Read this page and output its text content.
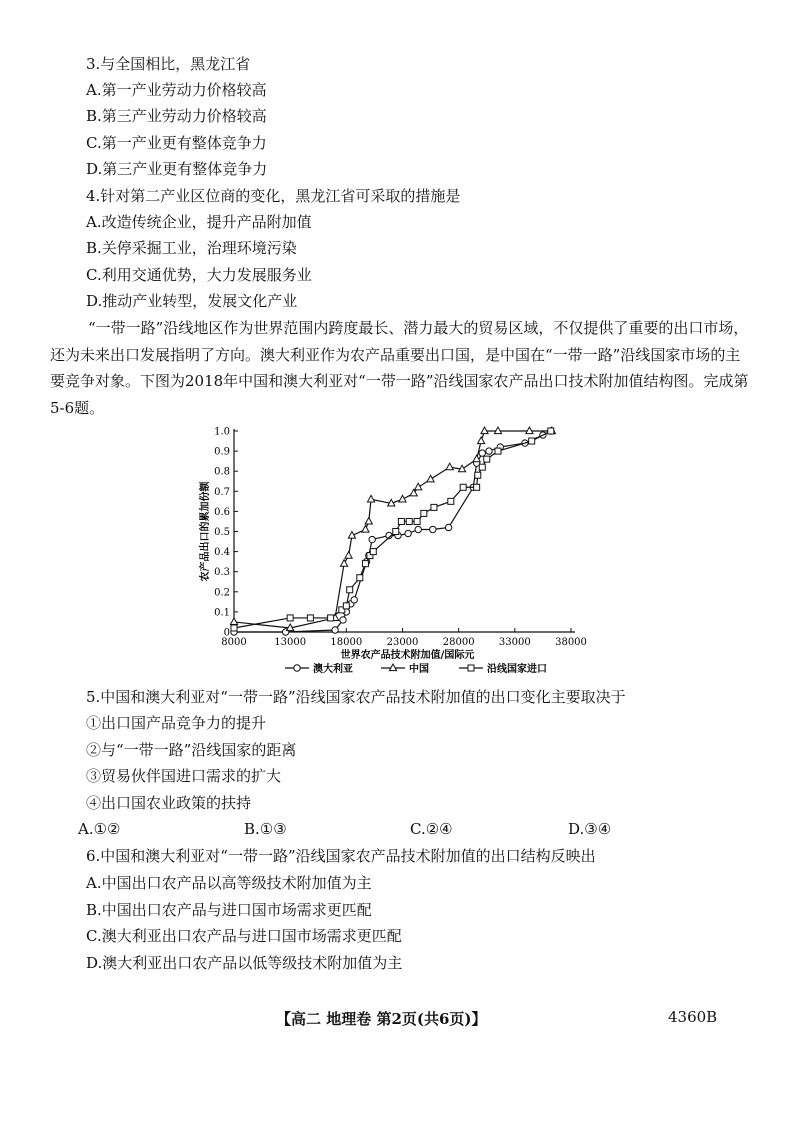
3.与全国相比，黑龙江省
A.第一产业劳动力价格较高
B.第三产业劳动力价格较高
C.第一产业更有整体竞争力
D.第三产业更有整体竞争力
4.针对第二产业区位商的变化，黑龙江省可采取的措施是
A.改造传统企业，提升产品附加值
B.关停采掘工业，治理环境污染
C.利用交通优势，大力发展服务业
D.推动产业转型，发展文化产业
“一带一路”沿线地区作为世界范围内跨度最长、潜力最大的贸易区域，不仅提供了重要的出口市场，还为未来出口发展指明了方向。澳大利亚作为农产品重要出口国，是中国在“一带一路”沿线国家市场的主要竞争对象。下图为2018年中国和澳大利亚对“一带一路”沿线国家农产品出口技术附加值结构图。完成第5-6题。
0
0.1
0.2
0.3
0.4
0.5
0.6
0.7
0.8
0.9
1.0
8000	13000 18000 23000 28000 33000 38000
世界农产品技术附加值/国际元
农产品出口的累加份额
澳大利亚	中国	沿线国家进口
5.中国和澳大利亚对“一带一路”沿线国家农产品技术附加值的出口变化主要取决于
①出口国产品竞争力的提升
②与“一带一路”沿线国家的距离
③贸易伙伴国进口需求的扩大
④出口国农业政策的扶持
A.①②	B.①③	C.②④	D.③④
6.中国和澳大利亚对“一带一路”沿线国家农产品技术附加值的出口结构反映出
A.中国出口农产品以高等级技术附加值为主
B.中国出口农产品与进口国市场需求更匹配
C.澳大利亚出口农产品与进口国市场需求更匹配
D.澳大利亚出口农产品以低等级技术附加值为主
【高二 地理卷 第2页(共6页)】	4360B
